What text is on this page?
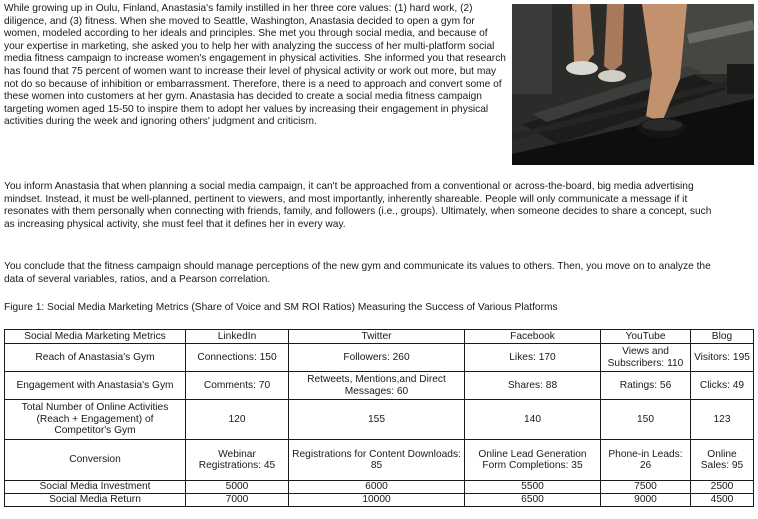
While growing up in Oulu, Finland, Anastasia's family instilled in her three core values: (1) hard work, (2) diligence, and (3) fitness. When she moved to Seattle, Washington, Anastasia decided to open a gym for women, modeled according to her ideals and principles. She met you through social media, and because of your expertise in marketing, she asked you to help her with analyzing the success of her multi-platform social media fitness campaign to increase women's engagement in physical activities. She informed you that research has found that 75 percent of women want to increase their level of physical activity or work out more, but may not do so because of inhibition or embarrassment. Therefore, there is a need to approach and convert some of these women into customers at her gym. Anastasia has decided to create a social media fitness campaign targeting women aged 15-50 to inspire them to adopt her values by increasing their engagement in physical activities during the week and ignoring others' judgment and criticism.

You inform Anastasia that when planning a social media campaign, it can't be approached from a conventional or across-the-board, big media advertising mindset. Instead, it must be well-planned, pertinent to viewers, and most importantly, inherently shareable. People will only communicate a message if it resonates with them personally when connecting with friends, family, and followers (i.e., groups). Ultimately, when someone decides to share a concept, such as increasing physical activity, she must feel that it defines her in every way.

You conclude that the fitness campaign should manage perceptions of the new gym and communicate its values to others. Then, you move on to analyze the data of several variables, ratios, and a Pearson correlation.

Figure 1: Social Media Marketing Metrics (Share of Voice and SM ROI Ratios) Measuring the Success of Various Platforms

Social Media Marketing Metrics	LinkedIn	Twitter	Facebook	YouTube	Blog
Reach of Anastasia's Gym	Connections: 150	Followers: 260	Likes: 170	Views and Subscribers: 110	Visitors: 195
Engagement with Anastasia's Gym	Comments: 70	Retweets, Mentions,and Direct Messages: 60	Shares: 88	Ratings: 56	Clicks: 49
Total Number of Online Activities (Reach + Engagement) of Competitor's Gym	120	155	140	150	123
Conversion	Webinar Registrations: 45	Registrations for Content Downloads: 85	Online Lead Generation Form Completions: 35	Phone-in Leads: 26	Online Sales: 95
Social Media Investment	5000	6000	5500	7500	2500
Social Media Return	7000	10000	6500	9000	4500
